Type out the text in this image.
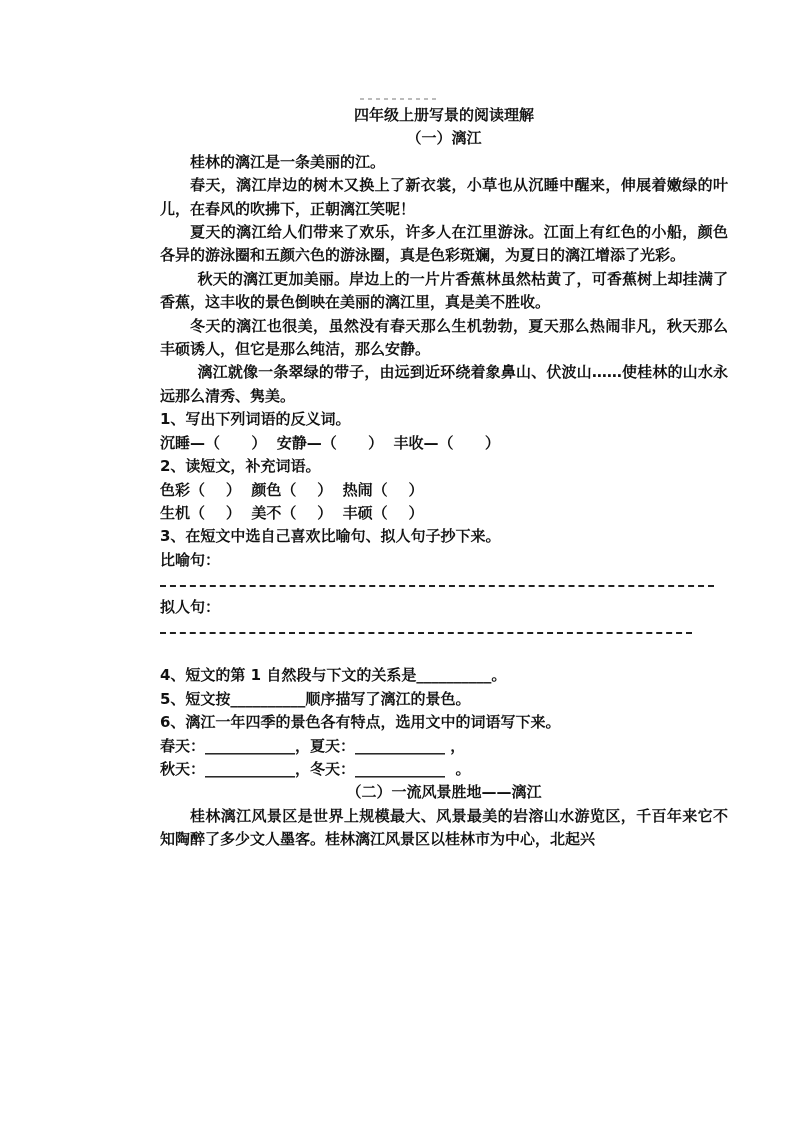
四年级上册写景的阅读理解
（一）漓江
桂林的漓江是一条美丽的江。
春天，漓江岸边的树木又换上了新衣裳，小草也从沉睡中醒来，伸展着嫩绿的叶儿，在春风的吹拂下，正朝漓江笑呢！
夏天的漓江给人们带来了欢乐，许多人在江里游泳。江面上有红色的小船，颜色各异的游泳圈和五颜六色的游泳圈，真是色彩斑斓，为夏日的漓江增添了光彩。
秋天的漓江更加美丽。岸边上的一片片香蕉林虽然枯黄了，可香蕉树上却挂满了香蕉，这丰收的景色倒映在美丽的漓江里，真是美不胜收。
冬天的漓江也很美，虽然没有春天那么生机勃勃，夏天那么热闹非凡，秋天那么丰硕诱人，但它是那么纯洁，那么安静。
漓江就像一条翠绿的带子，由远到近环绕着象鼻山、伏波山……使桂林的山水永远那么清秀、隽美。
1、写出下列词语的反义词。
沉睡—（      ）  安静—（      ）  丰收—（      ）
2、读短文，补充词语。
色彩（    ）  颜色（    ）  热闹（    ）
生机（    ）  美不（    ）  丰硕（    ）
3、在短文中选自己喜欢比喻句、拟人句子抄下来。
比喻句：
拟人句：
4、短文的第 1 自然段与下文的关系是__________。
5、短文按__________顺序描写了漓江的景色。
6、漓江一年四季的景色各有特点，选用文中的词语写下来。
春天：____________，夏天：____________ ，
秋天：____________，冬天：____________  。
（二）一流风景胜地——漓江
桂林漓江风景区是世界上规模最大、风景最美的岩溶山水游览区，千百年来它不知陶醉了多少文人墨客。桂林漓江风景区以桂林市为中心，北起兴
